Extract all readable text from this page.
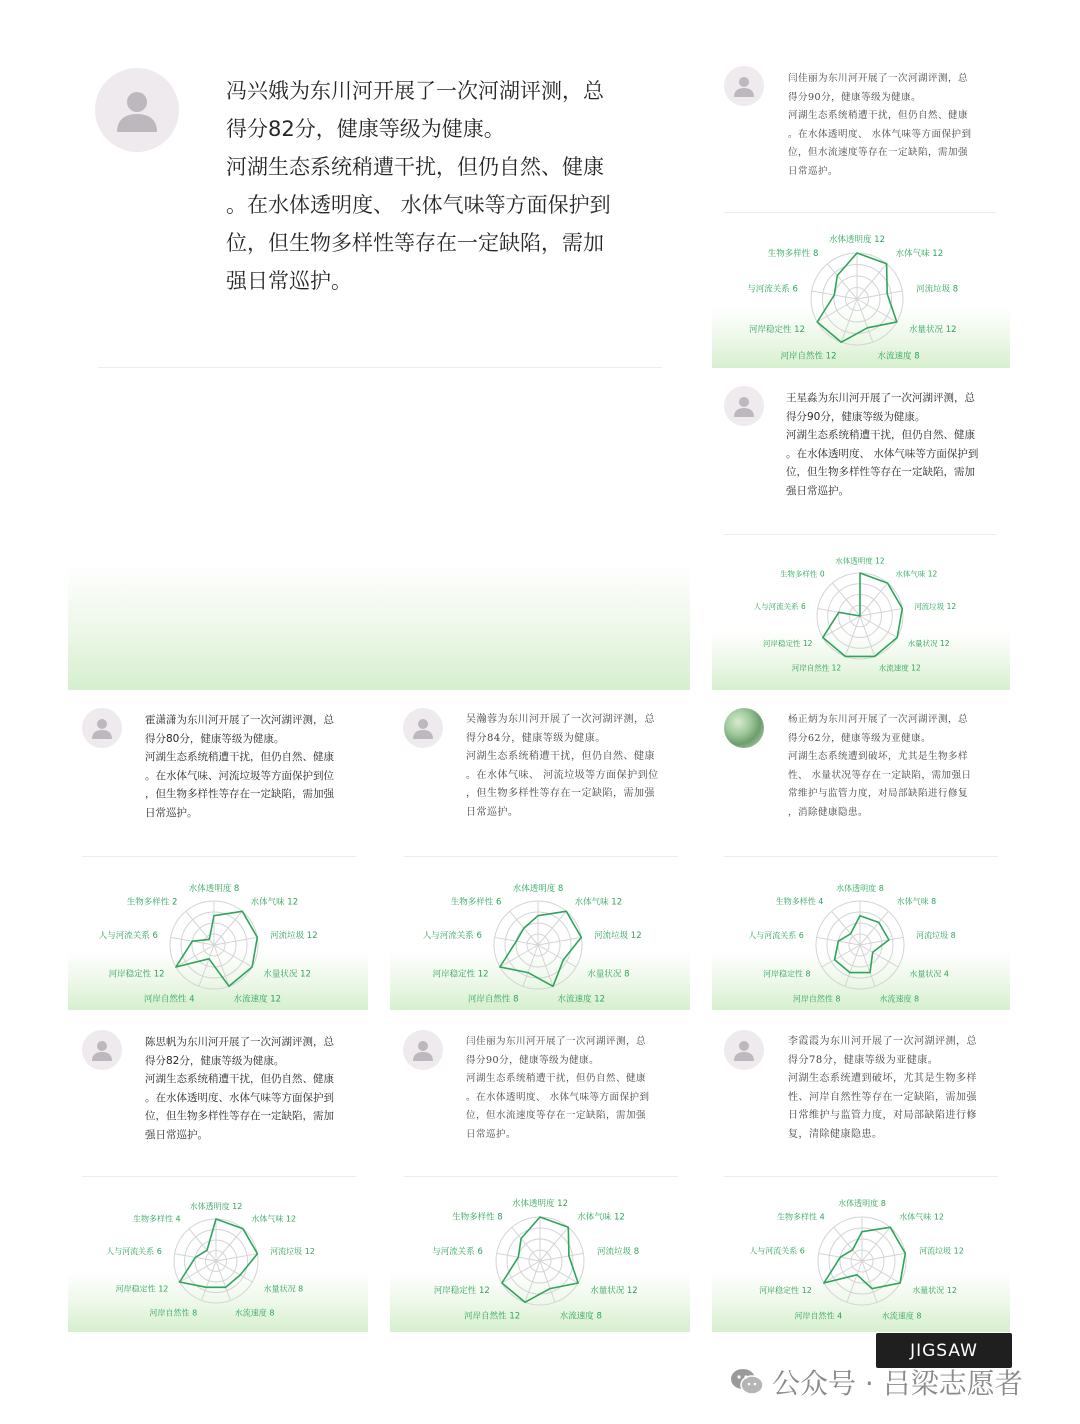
冯兴娥为东川河开展了一次河湖评测，总

得分82分，健康等级为健康。

河湖生态系统稍遭干扰，但仍自然、健康

。在水体透明度、 水体气味等方面保护到

位，但生物多样性等存在一定缺陷，需加

强日常巡护。

闫佳丽为东川河开展了一次河湖评测，总

得分90分，健康等级为健康。

河湖生态系统稍遭干扰，但仍自然、健康

。在水体透明度、 水体气味等方面保护到

位，但水流速度等存在一定缺陷，需加强

日常巡护。

水体透明度 12
水体气味 12
河流垃圾 8
水量状况 12
水流速度 8
河岸自然性 12
河岸稳定性 12
与河流关系 6
生物多样性 8

王星淼为东川河开展了一次河湖评测，总

得分90分，健康等级为健康。

河湖生态系统稍遭干扰，但仍自然、健康

。在水体透明度、 水体气味等方面保护到

位，但生物多样性等存在一定缺陷，需加

强日常巡护。

水体透明度 12
水体气味 12
河流垃圾 12
水量状况 12
水流速度 12
河岸自然性 12
河岸稳定性 12
人与河流关系 6
生物多样性 0

霍潇潇为东川河开展了一次河湖评测，总

得分80分，健康等级为健康。

河湖生态系统稍遭干扰，但仍自然、健康

。在水体气味、河流垃圾等方面保护到位

，但生物多样性等存在一定缺陷，需加强

日常巡护。

水体透明度 8
水体气味 12
河流垃圾 12
水量状况 12
水流速度 12
河岸自然性 4
河岸稳定性 12
人与河流关系 6
生物多样性 2

吴瀚蓉为东川河开展了一次河湖评测，总

得分84分，健康等级为健康。

河湖生态系统稍遭干扰，但仍自然、健康

。在水体气味、 河流垃圾等方面保护到位

，但生物多样性等存在一定缺陷，需加强

日常巡护。

水体透明度 8
水体气味 12
河流垃圾 12
水量状况 8
水流速度 12
河岸自然性 8
河岸稳定性 12
人与河流关系 6
生物多样性 6

杨正炳为东川河开展了一次河湖评测，总

得分62分，健康等级为亚健康。

河湖生态系统遭到破坏，尤其是生物多样

性、 水量状况等存在一定缺陷，需加强日

常维护与监管力度，对局部缺陷进行修复

，消除健康隐患。

水体透明度 8
水体气味 8
河流垃圾 8
水量状况 4
水流速度 8
河岸自然性 8
河岸稳定性 8
人与河流关系 6
生物多样性 4

陈思帆为东川河开展了一次河湖评测，总

得分82分，健康等级为健康。

河湖生态系统稍遭干扰，但仍自然、健康

。在水体透明度、水体气味等方面保护到

位，但生物多样性等存在一定缺陷，需加

强日常巡护。

水体透明度 12
水体气味 12
河流垃圾 12
水量状况 8
水流速度 8
河岸自然性 8
河岸稳定性 12
人与河流关系 6
生物多样性 4

闫佳丽为东川河开展了一次河湖评测，总

得分90分，健康等级为健康。

河湖生态系统稍遭干扰，但仍自然、健康

。在水体透明度、 水体气味等方面保护到

位，但水流速度等存在一定缺陷，需加强

日常巡护。

水体透明度 12
水体气味 12
河流垃圾 8
水量状况 12
水流速度 8
河岸自然性 12
河岸稳定性 12
与河流关系 6
生物多样性 8

李霞霞为东川河开展了一次河湖评测，总

得分78分，健康等级为亚健康。

河湖生态系统遭到破坏，尤其是生物多样

性、河岸自然性等存在一定缺陷，需加强

日常维护与监管力度，对局部缺陷进行修

复，清除健康隐患。

水体透明度 8
水体气味 12
河流垃圾 12
水量状况 12
水流速度 8
河岸自然性 4
河岸稳定性 12
人与河流关系 6
生物多样性 4
JIGSAW
公众号 · 吕梁志愿者
